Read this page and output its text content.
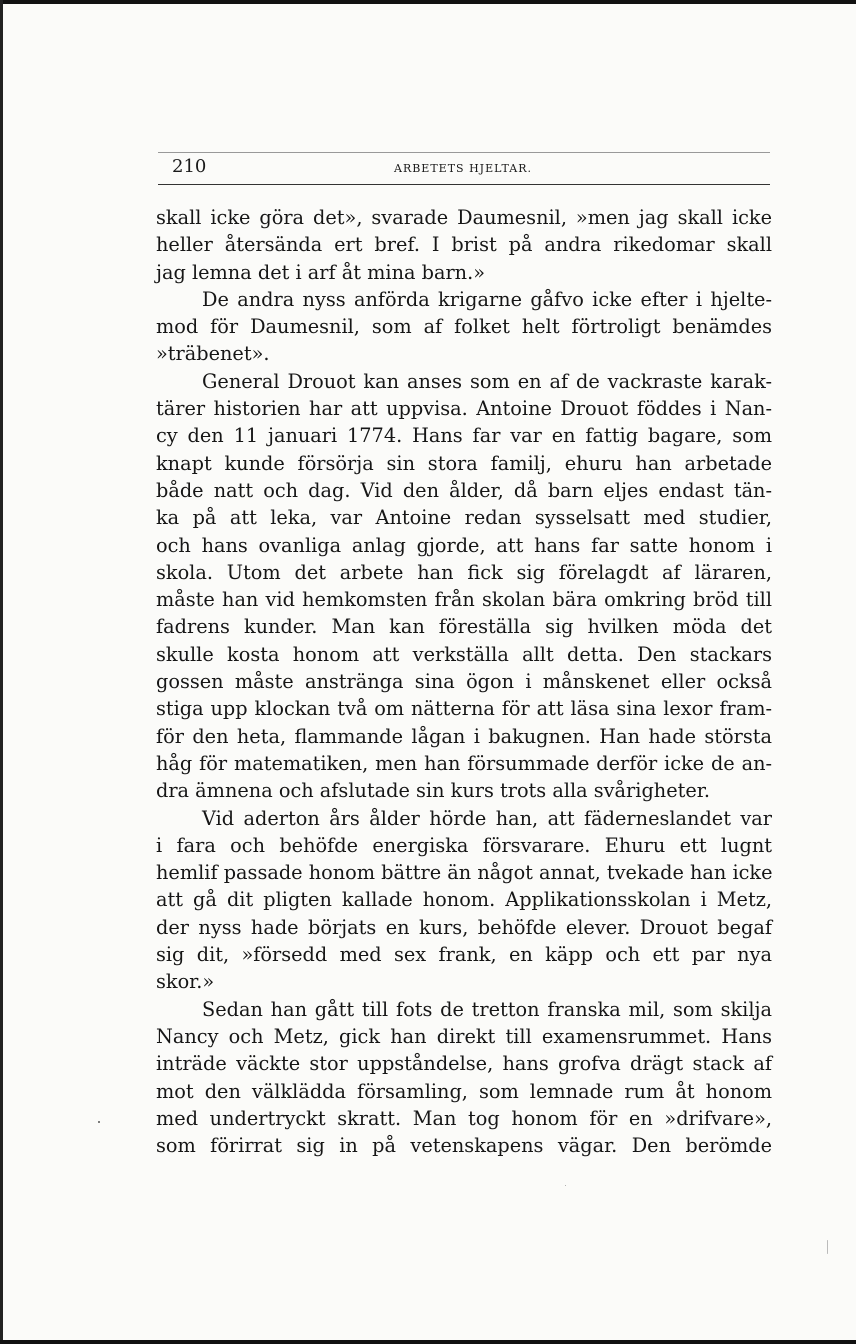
210	ARBETETS HJELTAR.
skall icke göra det», svarade Daumesnil, »men jag skall icke
heller återsända ert bref. I brist på andra rikedomar skall
jag lemna det i arf åt mina barn.»
De andra nyss anförda krigarne gåfvo icke efter i hjelte-
mod för Daumesnil, som af folket helt förtroligt benämdes
»träbenet».
General Drouot kan anses som en af de vackraste karak-
tärer historien har att uppvisa. Antoine Drouot föddes i Nan-
cy den 11 januari 1774. Hans far var en fattig bagare, som
knapt kunde försörja sin stora familj, ehuru han arbetade
både natt och dag. Vid den ålder, då barn eljes endast tän-
ka på att leka, var Antoine redan sysselsatt med studier,
och hans ovanliga anlag gjorde, att hans far satte honom i
skola. Utom det arbete han fick sig förelagdt af läraren,
måste han vid hemkomsten från skolan bära omkring bröd till
fadrens kunder. Man kan föreställa sig hvilken möda det
skulle kosta honom att verkställa allt detta. Den stackars
gossen måste anstränga sina ögon i månskenet eller också
stiga upp klockan två om nätterna för att läsa sina lexor fram-
för den heta, flammande lågan i bakugnen. Han hade största
håg för matematiken, men han försummade derför icke de an-
dra ämnena och afslutade sin kurs trots alla svårigheter.
Vid aderton års ålder hörde han, att fäderneslandet var
i fara och behöfde energiska försvarare. Ehuru ett lugnt
hemlif passade honom bättre än något annat, tvekade han icke
att gå dit pligten kallade honom. Applikationsskolan i Metz,
der nyss hade börjats en kurs, behöfde elever. Drouot begaf
sig dit, »försedd med sex frank, en käpp och ett par nya
skor.»
Sedan han gått till fots de tretton franska mil, som skilja
Nancy och Metz, gick han direkt till examensrummet. Hans
inträde väckte stor uppståndelse, hans grofva drägt stack af
mot den välklädda församling, som lemnade rum åt honom
med undertryckt skratt. Man tog honom för en »drifvare»,
som förirrat sig in på vetenskapens vägar. Den berömde
